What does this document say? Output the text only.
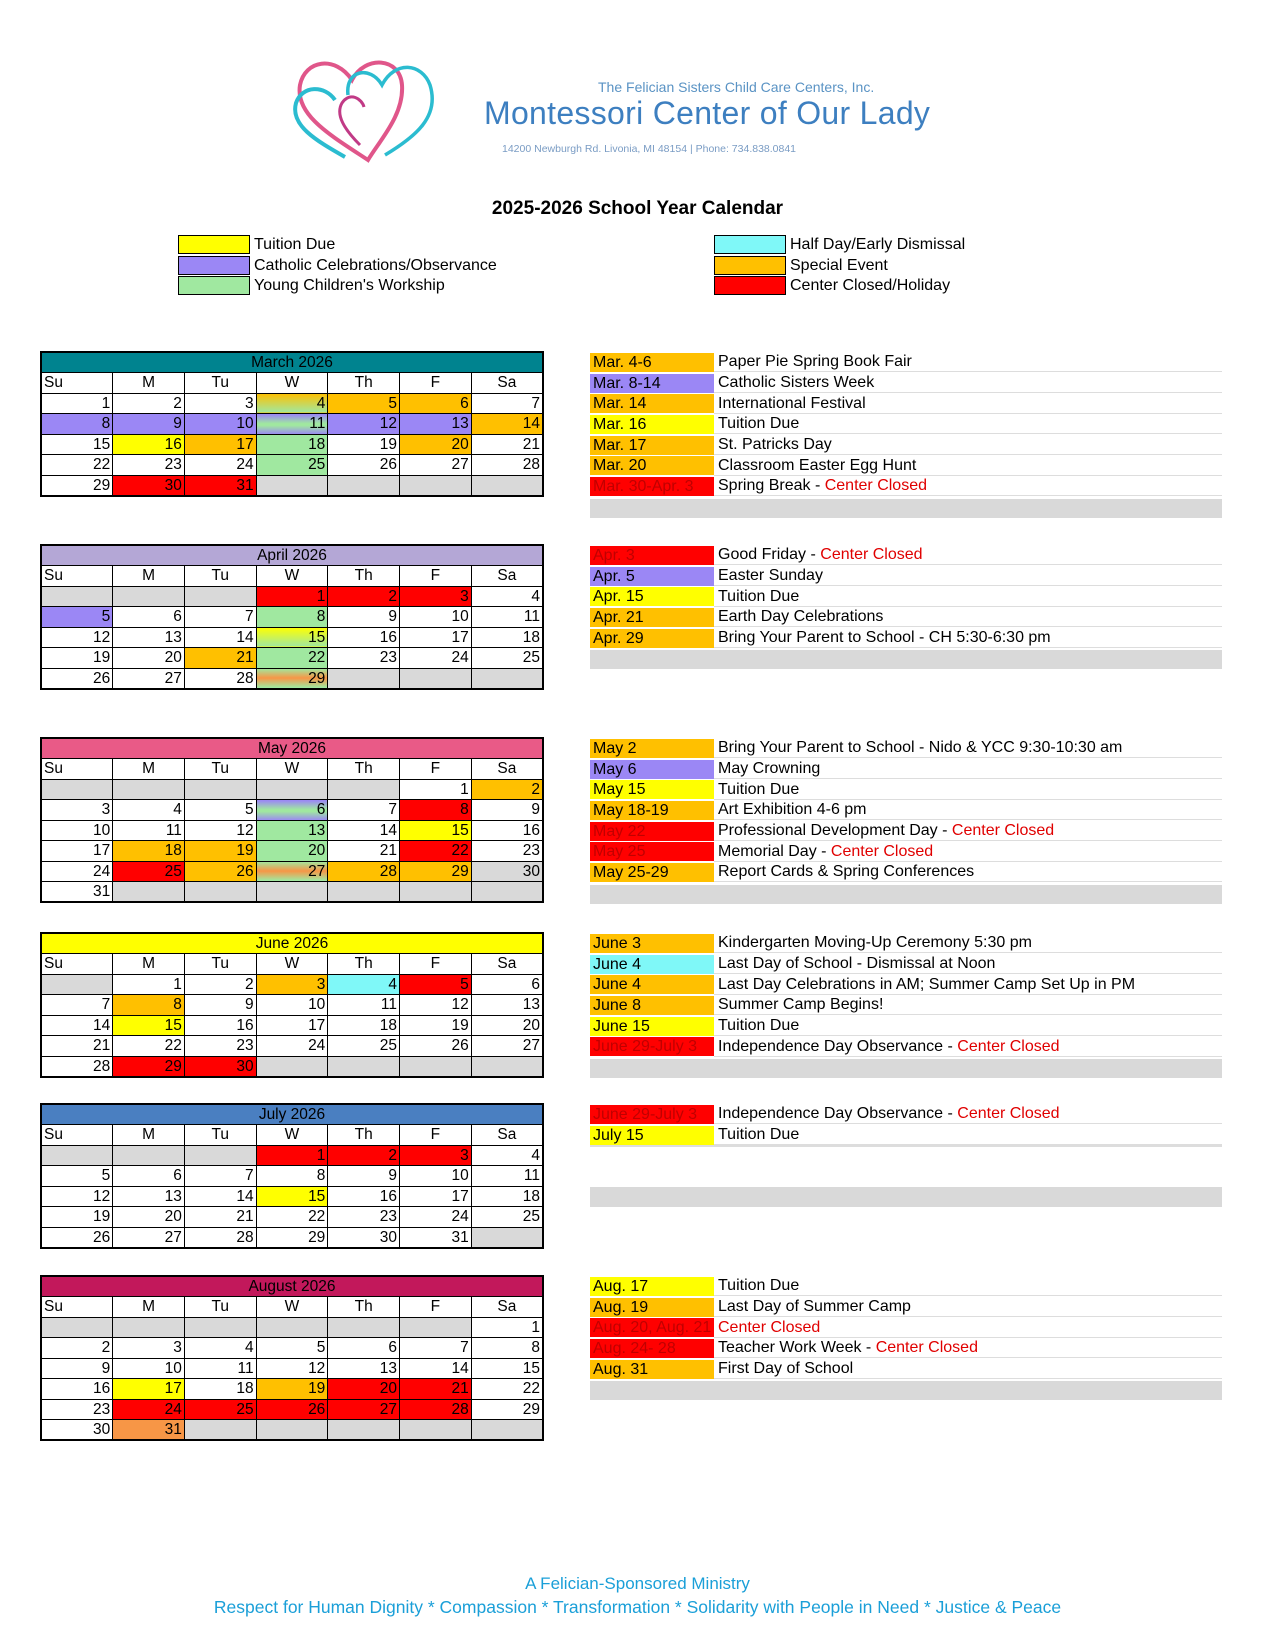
The Felician Sisters Child Care Centers, Inc.
Montessori Center of Our Lady
14200 Newburgh Rd. Livonia, MI 48154 | Phone: 734.838.0841
2025-2026 School Year Calendar
Tuition Due
Catholic Celebrations/Observance
Young Children's Workship
Half Day/Early Dismissal
Special Event
Center Closed/Holiday
March 2026						
Su	M	Tu	W	Th	F	Sa
1	2	3	4	5	6	7
8	9	10	11	12	13	14
15	16	17	18	19	20	21
22	23	24	25	26	27	28
29	30	31				
April 2026						
Su	M	Tu	W	Th	F	Sa
			1	2	3	4
5	6	7	8	9	10	11
12	13	14	15	16	17	18
19	20	21	22	23	24	25
26	27	28	29			
May 2026						
Su	M	Tu	W	Th	F	Sa
					1	2
3	4	5	6	7	8	9
10	11	12	13	14	15	16
17	18	19	20	21	22	23
24	25	26	27	28	29	30
31						
June 2026						
Su	M	Tu	W	Th	F	Sa
	1	2	3	4	5	6
7	8	9	10	11	12	13
14	15	16	17	18	19	20
21	22	23	24	25	26	27
28	29	30				
July 2026						
Su	M	Tu	W	Th	F	Sa
			1	2	3	4
5	6	7	8	9	10	11
12	13	14	15	16	17	18
19	20	21	22	23	24	25
26	27	28	29	30	31	
August 2026						
Su	M	Tu	W	Th	F	Sa
						1
2	3	4	5	6	7	8
9	10	11	12	13	14	15
16	17	18	19	20	21	22
23	24	25	26	27	28	29
30	31					
Mar. 4-6	Paper Pie Spring Book Fair
Mar. 8-14	Catholic Sisters Week
Mar. 14	International Festival
Mar. 16	Tuition Due
Mar. 17	St. Patricks Day
Mar. 20	Classroom Easter Egg Hunt
Mar. 30-Apr. 3	Spring Break - Center Closed
Apr. 3	Good Friday - Center Closed
Apr. 5	Easter Sunday
Apr. 15	Tuition Due
Apr. 21	Earth Day Celebrations
Apr. 29	Bring Your Parent to School - CH 5:30-6:30 pm
May 2	Bring Your Parent to School - Nido & YCC 9:30-10:30 am
May 6	May Crowning
May 15	Tuition Due
May 18-19	Art Exhibition 4-6 pm
May 22	Professional Development Day - Center Closed
May 25	Memorial Day - Center Closed
May 25-29	Report Cards & Spring Conferences
June 3	Kindergarten Moving-Up Ceremony 5:30 pm
June 4	Last Day of School - Dismissal at Noon
June 4	Last Day Celebrations in AM; Summer Camp Set Up in PM
June 8	Summer Camp Begins!
June 15	Tuition Due
June 29-July 3	Independence Day Observance - Center Closed
June 29-July 3	Independence Day Observance - Center Closed
July 15	Tuition Due
Aug. 17	Tuition Due
Aug. 19	Last Day of Summer Camp
Aug. 20, Aug. 21 Center Closed
Aug. 24- 28	Teacher Work Week - Center Closed
Aug. 31	First Day of School
A Felician-Sponsored Ministry
Respect for Human Dignity * Compassion * Transformation * Solidarity with People in Need * Justice & Peace
